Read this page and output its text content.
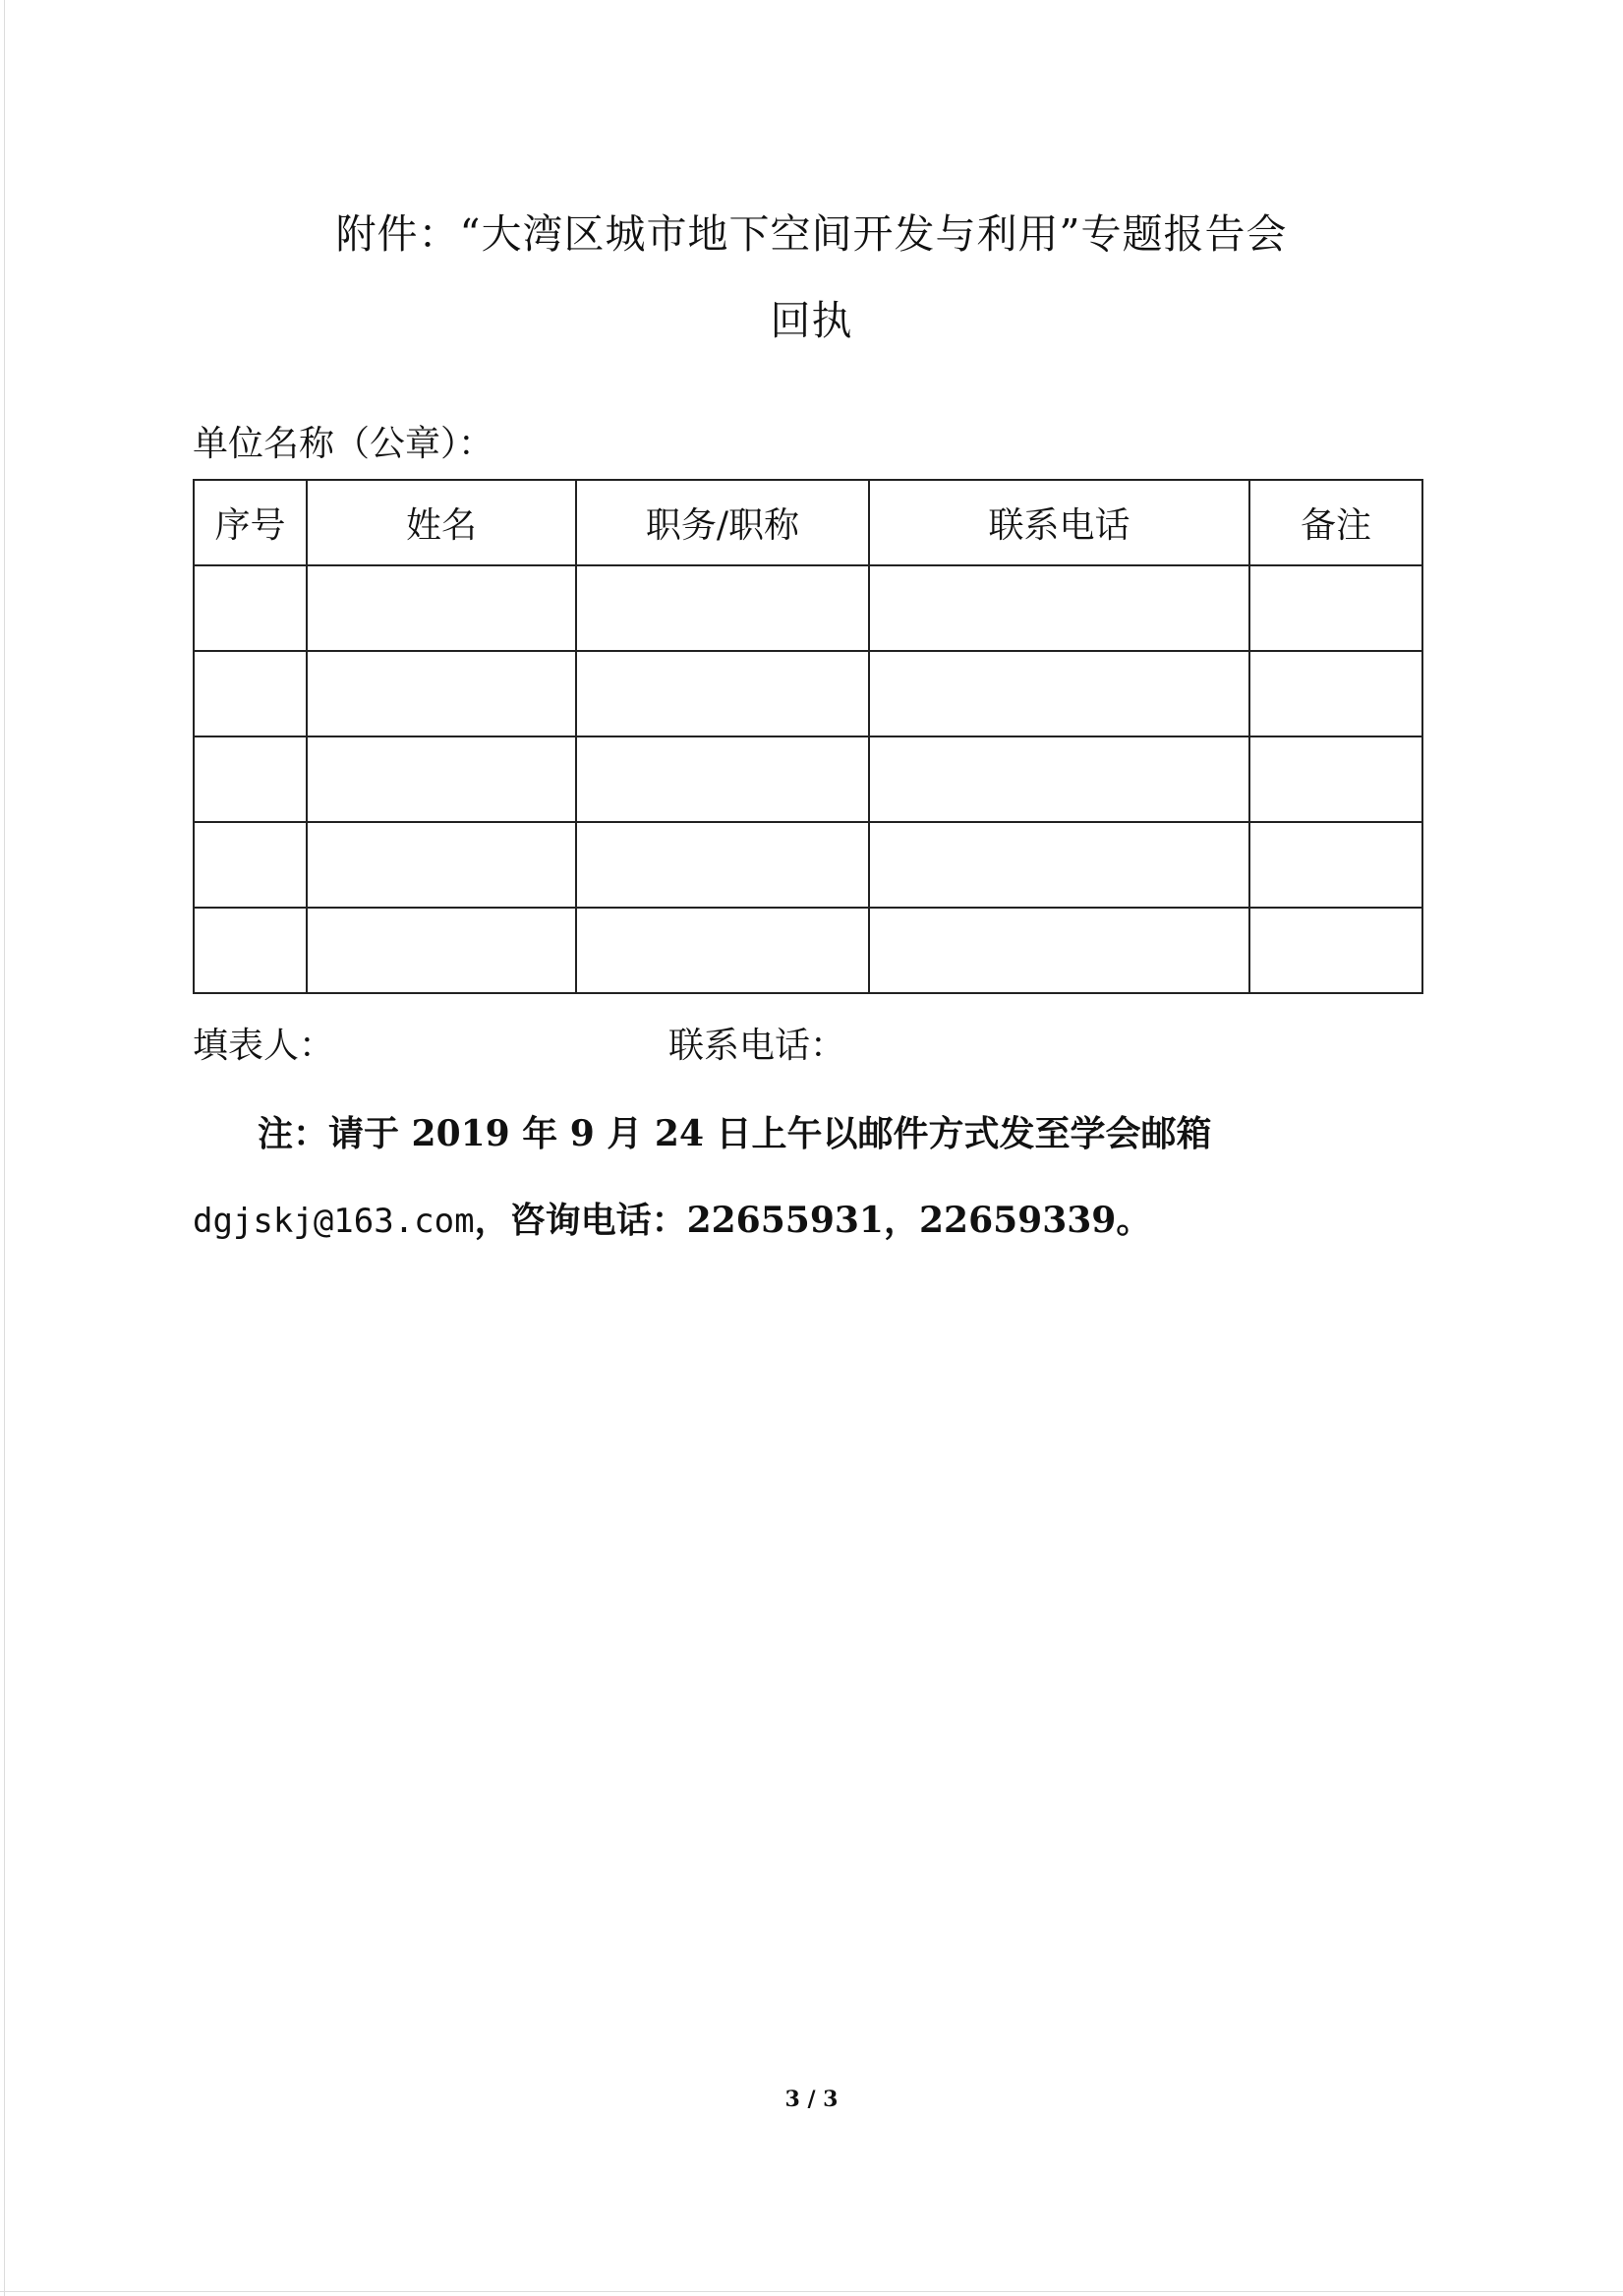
附件：“大湾区城市地下空间开发与利用”专题报告会
回执
单位名称（公章）：
序号	姓名	职务/职称	联系电话	备注

填表人：	联系电话：
注：请于 2019 年 9 月 24 日上午以邮件方式发至学会邮箱
dgjskj@163.com，咨询电话：22655931，22659339。
3 / 3
